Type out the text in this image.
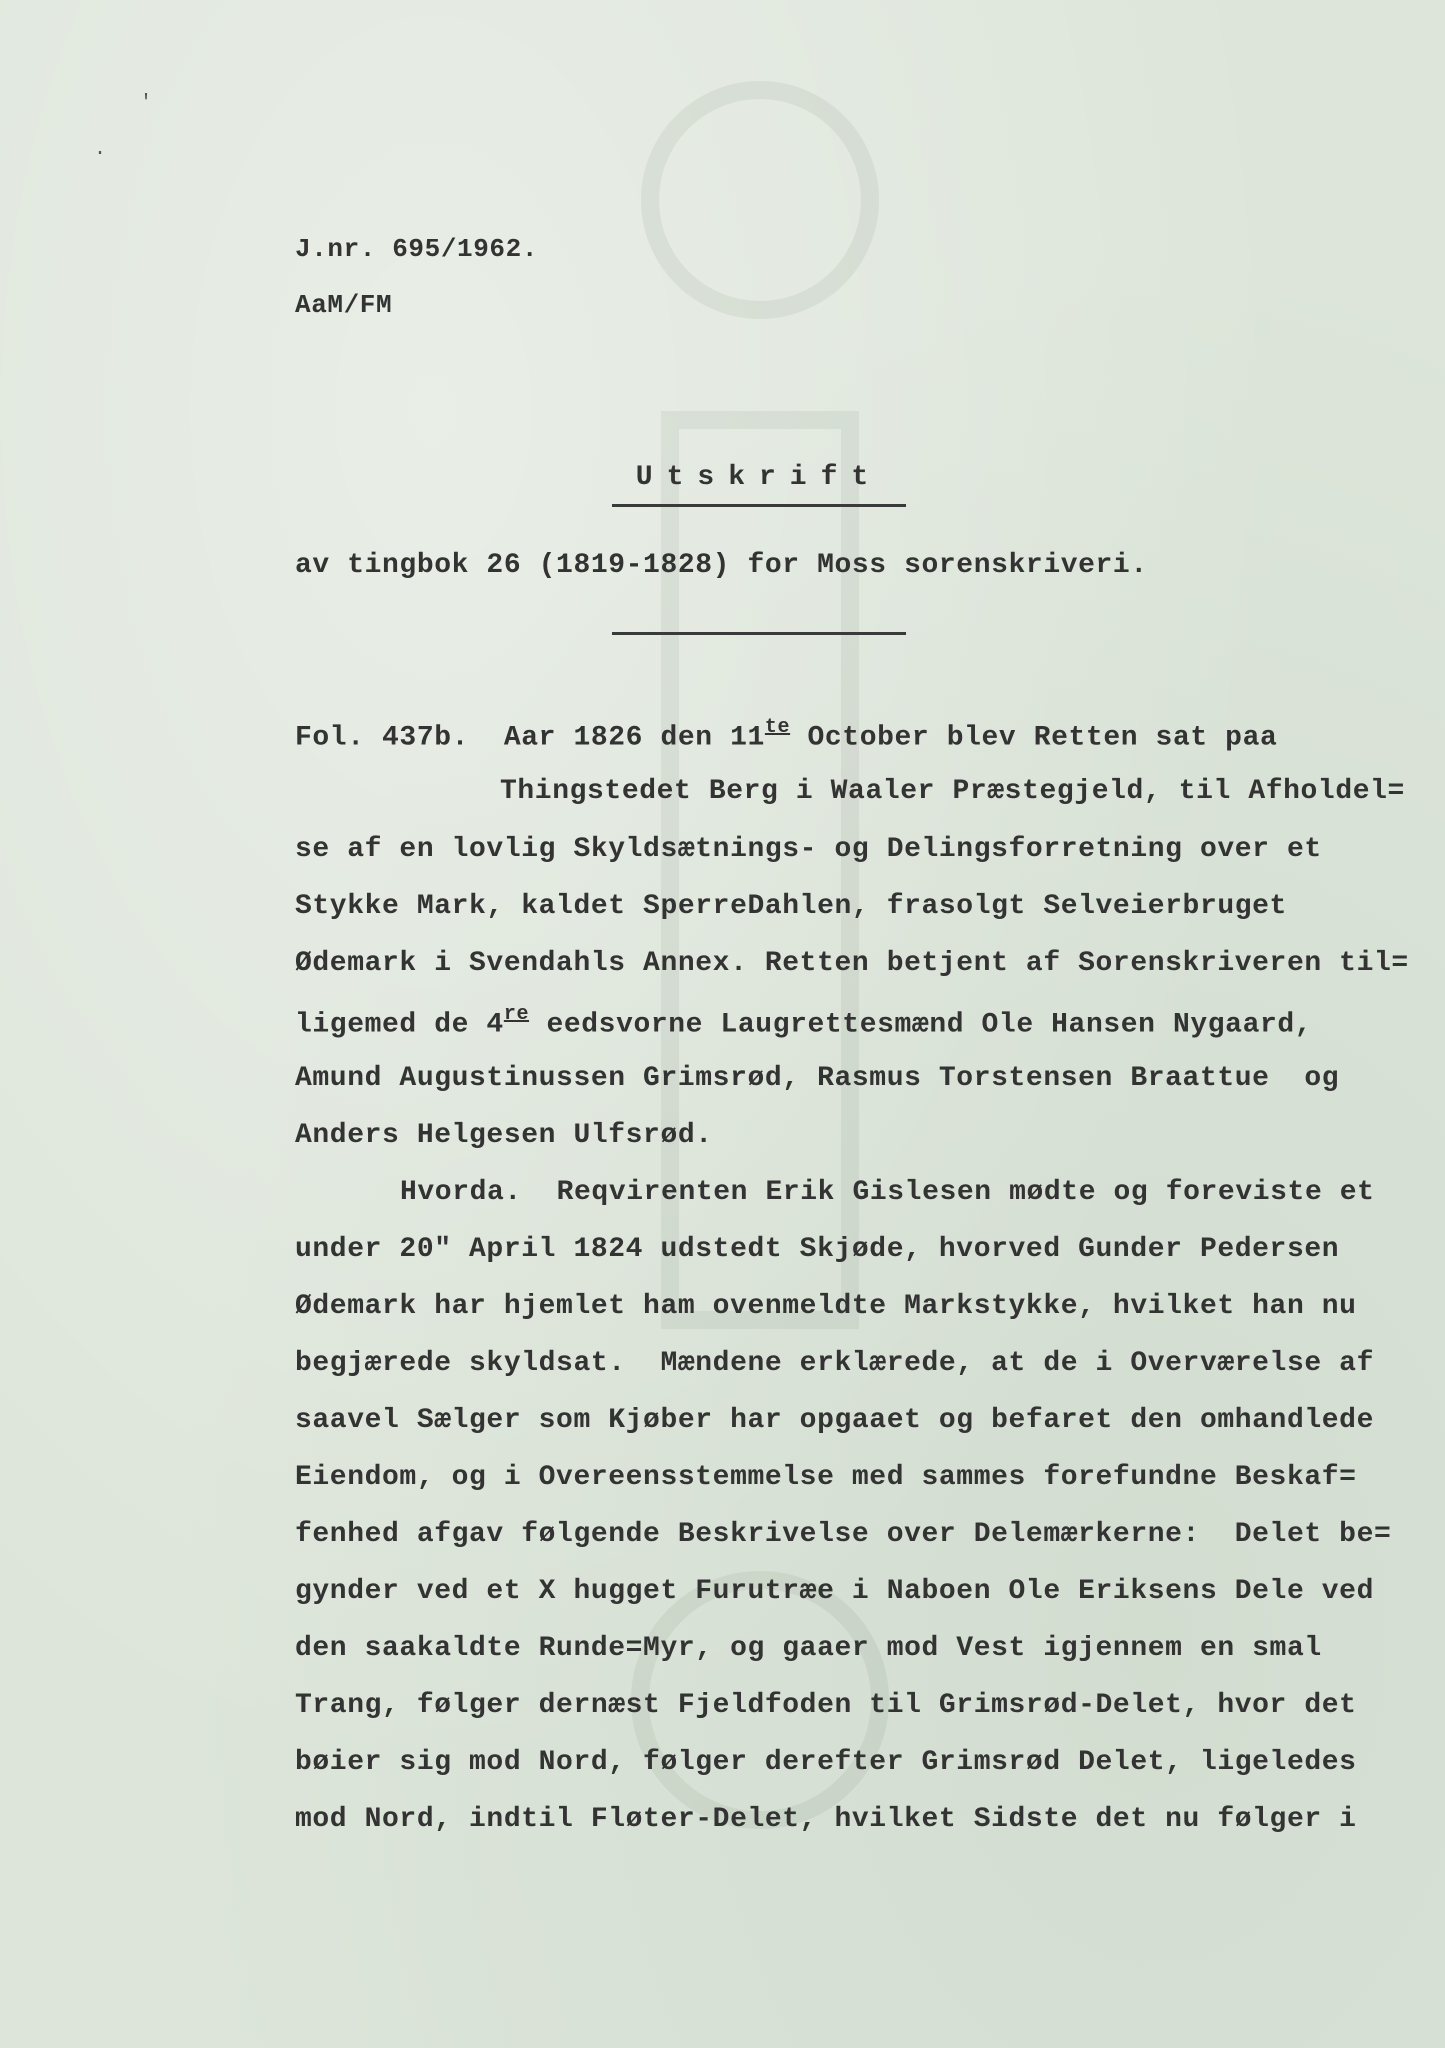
'
·
J.nr. 695/1962.
AaM/FM
Utskrift
av tingbok 26 (1819-1828) for Moss sorenskriveri.
Fol. 437b.  Aar 1826 den $11^{te}$ October blev Retten sat paa
Thingstedet Berg i Waaler Præstegjeld, til Afholdel=
se af en lovlig Skyldsætnings- og Delingsforretning over et
Stykke Mark, kaldet SperreDahlen, frasolgt Selveierbruget
Ødemark i Svendahls Annex. Retten betjent af Sorenskriveren til=
ligemed de 4re eedsvorne Laugrettesmænd Ole Hansen Nygaard,
Amund Augustinussen Grimsrød, Rasmus Torstensen Braattue  og
Anders Helgesen Ulfsrød.
Hvorda.  Reqvirenten Erik Gislesen mødte og foreviste et
under 20" April 1824 udstedt Skjøde, hvorved Gunder Pedersen
Ødemark har hjemlet ham ovenmeldte Markstykke, hvilket han nu
begjærede skyldsat.  Mændene erklærede, at de i Overværelse af
saavel Sælger som Kjøber har opgaaet og befaret den omhandlede
Eiendom, og i Overeensstemmelse med sammes forefundne Beskaf=
fenhed afgav følgende Beskrivelse over Delemærkerne:  Delet be=
gynder ved et X hugget Furutræe i Naboen Ole Eriksens Dele ved
den saakaldte Runde=Myr, og gaaer mod Vest igjennem en smal
Trang, følger dernæst Fjeldfoden til Grimsrød-Delet, hvor det
bøier sig mod Nord, følger derefter Grimsrød Delet, ligeledes
mod Nord, indtil Fløter-Delet, hvilket Sidste det nu følger i
